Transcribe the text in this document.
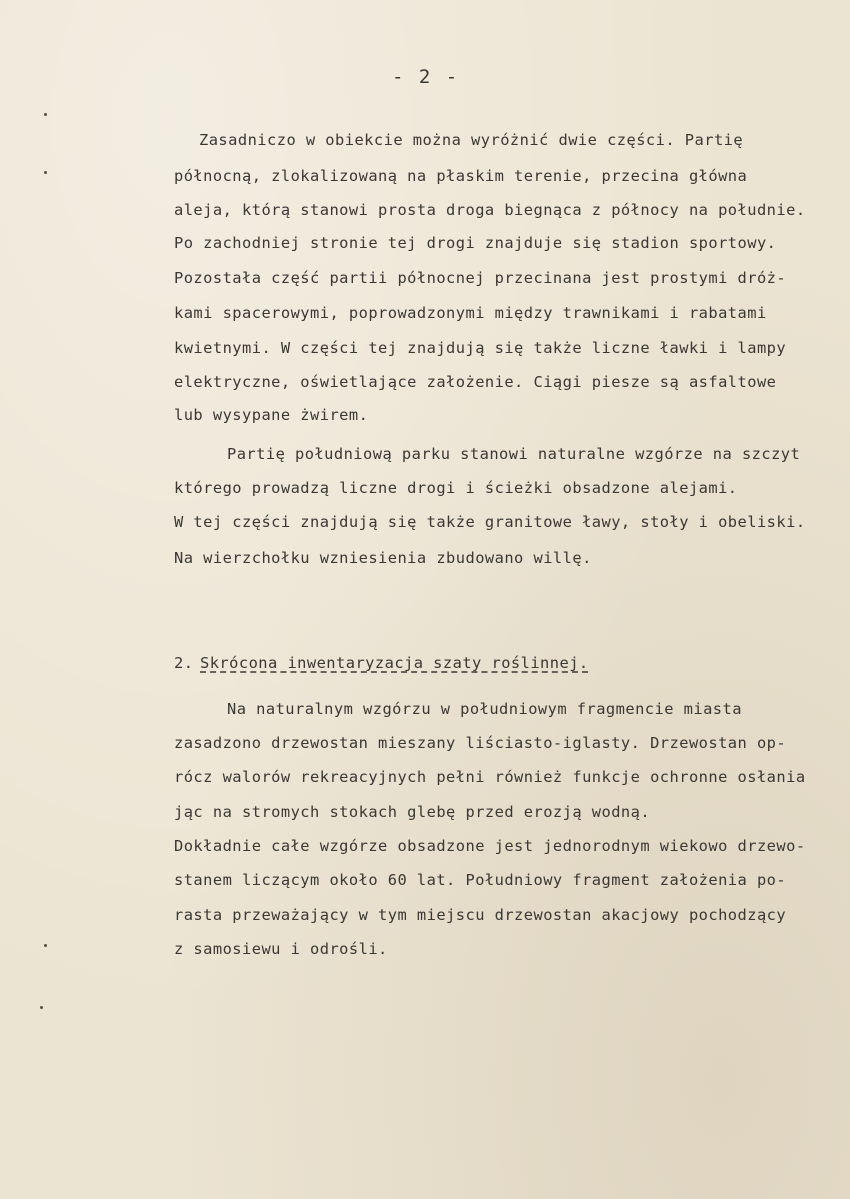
- 2 -
Zasadniczo w obiekcie można wyróżnić dwie części. Partię
północną, zlokalizowaną na płaskim terenie, przecina główna
aleja, którą stanowi prosta droga biegnąca z północy na południe.
Po zachodniej stronie tej drogi znajduje się stadion sportowy.
Pozostała część partii północnej przecinana jest prostymi dróż-
kami spacerowymi, poprowadzonymi między trawnikami i rabatami
kwietnymi. W części tej znajdują się także liczne ławki i lampy
elektryczne, oświetlające założenie. Ciągi piesze są asfaltowe
lub wysypane żwirem.
Partię południową parku stanowi naturalne wzgórze na szczyt
którego prowadzą liczne drogi i ścieżki obsadzone alejami.
W tej części znajdują się także granitowe ławy, stoły i obeliski.
Na wierzchołku wzniesienia zbudowano willę.
2. Skrócona inwentaryzacja szaty roślinnej.
Na naturalnym wzgórzu w południowym fragmencie miasta
zasadzono drzewostan mieszany liściasto-iglasty. Drzewostan op-
rócz walorów rekreacyjnych pełni również funkcje ochronne osłania
jąc na stromych stokach glebę przed erozją wodną.
Dokładnie całe wzgórze obsadzone jest jednorodnym wiekowo drzewo-
stanem liczącym około 60 lat. Południowy fragment założenia po-
rasta przeważający w tym miejscu drzewostan akacjowy pochodzący
z samosiewu i odrośli.
